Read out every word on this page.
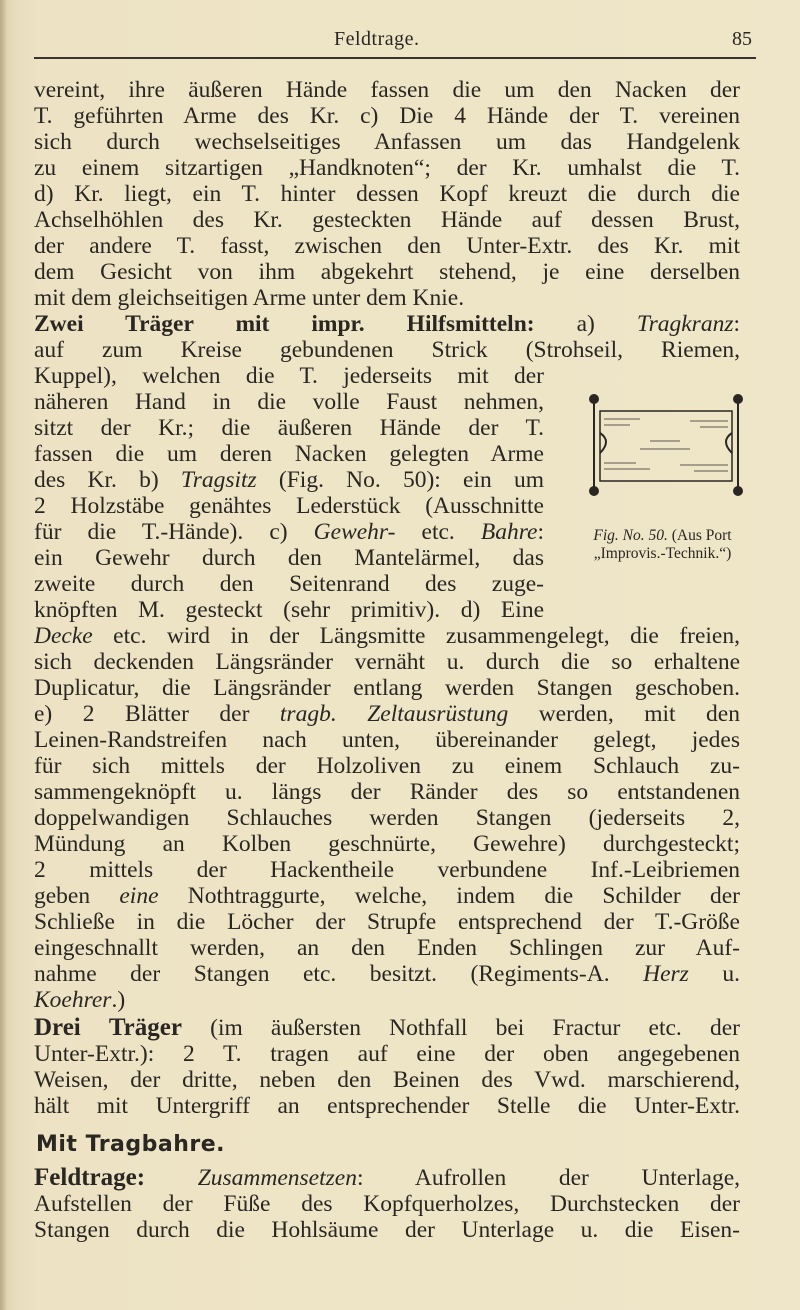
Feldtrage.	85
vereint, ihre äußeren Hände fassen die um den Nacken der
T. geführten Arme des Kr. c) Die 4 Hände der T. vereinen
sich durch wechselseitiges Anfassen um das Handgelenk
zu einem sitzartigen „Handknoten“; der Kr. umhalst die T.
d) Kr. liegt, ein T. hinter dessen Kopf kreuzt die durch die
Achselhöhlen des Kr. gesteckten Hände auf dessen Brust,
der andere T. fasst, zwischen den Unter-Extr. des Kr. mit
dem Gesicht von ihm abgekehrt stehend, je eine derselben
mit dem gleichseitigen Arme unter dem Knie.
Zwei Träger mit impr. Hilfsmitteln: a) Tragkranz:
auf zum Kreise gebundenen Strick (Strohseil, Riemen,
Kuppel), welchen die T. jederseits mit der
näheren Hand in die volle Faust nehmen,
sitzt der Kr.; die äußeren Hände der T.
fassen die um deren Nacken gelegten Arme
des Kr. b) Tragsitz (Fig. No. 50): ein um
2 Holzstäbe genähtes Lederstück (Ausschnitte
für die T.-Hände). c) Gewehr- etc. Bahre:
ein Gewehr durch den Mantelärmel, das
zweite durch den Seitenrand des zuge-
knöpften M. gesteckt (sehr primitiv). d) Eine
Decke etc. wird in der Längsmitte zusammengelegt, die freien,
sich deckenden Längsränder vernäht u. durch die so erhaltene
Duplicatur, die Längsränder entlang werden Stangen geschoben.
e) 2 Blätter der tragb. Zeltausrüstung werden, mit den
Leinen-Randstreifen nach unten, übereinander gelegt, jedes
für sich mittels der Holzoliven zu einem Schlauch zu-
sammengeknöpft u. längs der Ränder des so entstandenen
doppelwandigen Schlauches werden Stangen (jederseits 2,
Mündung an Kolben geschnürte, Gewehre) durchgesteckt;
2 mittels der Hackentheile verbundene Inf.-Leibriemen
geben eine Nothtraggurte, welche, indem die Schilder der
Schließe in die Löcher der Strupfe entsprechend der T.-Größe
eingeschnallt werden, an den Enden Schlingen zur Auf-
nahme der Stangen etc. besitzt. (Regiments-A. Herz u.
Koehrer.)
Drei Träger (im äußersten Nothfall bei Fractur etc. der
Unter-Extr.): 2 T. tragen auf eine der oben angegebenen
Weisen, der dritte, neben den Beinen des Vwd. marschierend,
hält mit Untergriff an entsprechender Stelle die Unter-Extr.
Mit Tragbahre.
Feldtrage: Zusammensetzen: Aufrollen der Unterlage,
Aufstellen der Füße des Kopfquerholzes, Durchstecken der
Stangen durch die Hohlsäume der Unterlage u. die Eisen-
Fig. No. 50. (Aus Port „Improvis.-Technik.“)
